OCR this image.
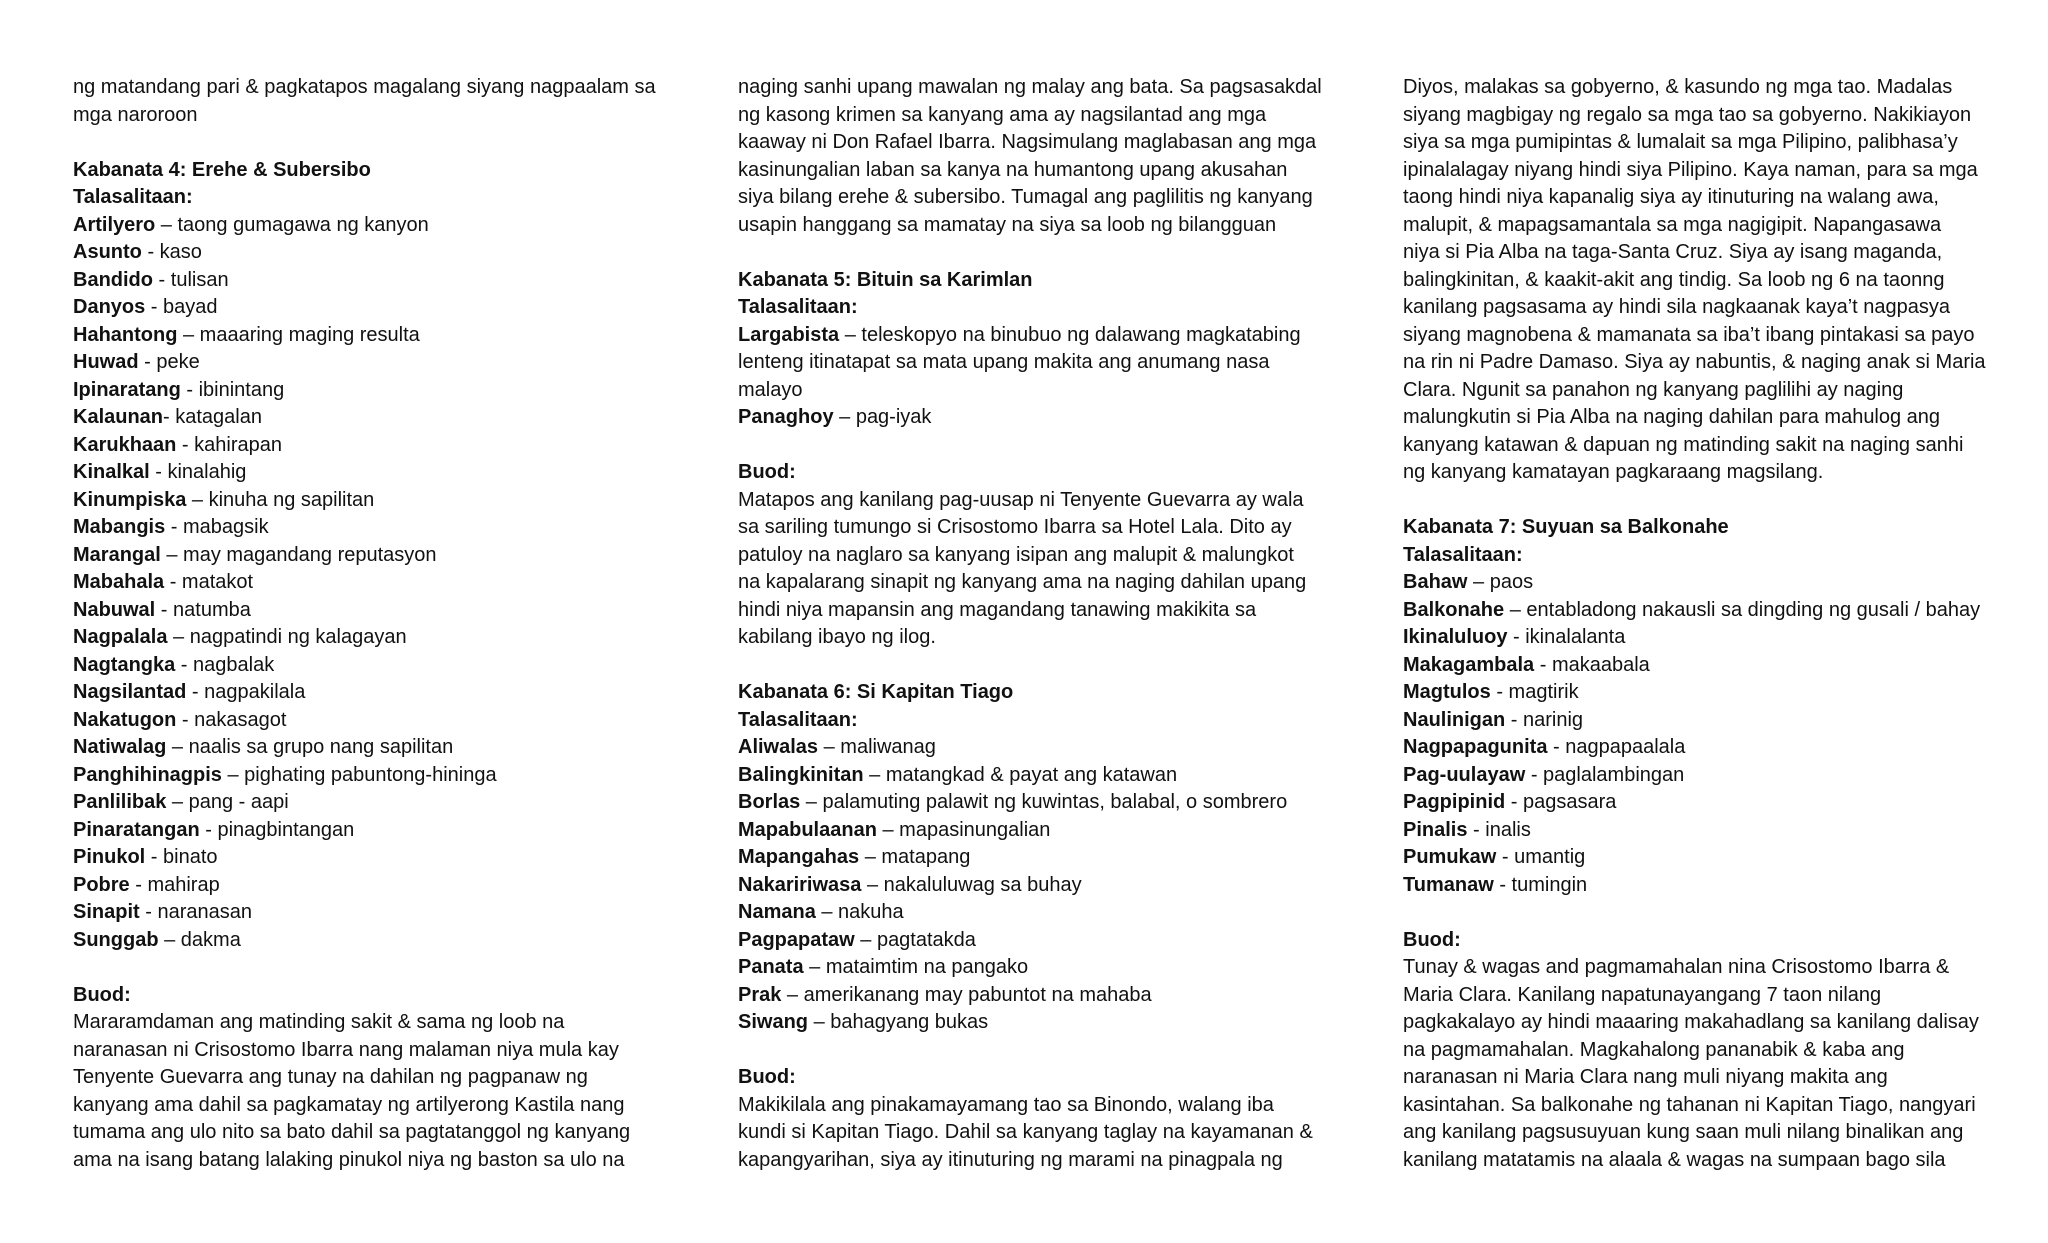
ng matandang pari & pagkatapos magalang siyang nagpaalam sa
mga naroroon
Kabanata 4: Erehe & Subersibo
Talasalitaan:
Artilyero – taong gumagawa ng kanyon
Asunto - kaso
Bandido - tulisan
Danyos - bayad
Hahantong – maaaring maging resulta
Huwad - peke
Ipinaratang - ibinintang
Kalaunan- katagalan
Karukhaan - kahirapan
Kinalkal - kinalahig
Kinumpiska – kinuha ng sapilitan
Mabangis - mabagsik
Marangal – may magandang reputasyon
Mabahala - matakot
Nabuwal - natumba
Nagpalala – nagpatindi ng kalagayan
Nagtangka - nagbalak
Nagsilantad - nagpakilala
Nakatugon - nakasagot
Natiwalag – naalis sa grupo nang sapilitan
Panghihinagpis – pighating pabuntong-hininga
Panlilibak – pang - aapi
Pinaratangan - pinagbintangan
Pinukol - binato
Pobre - mahirap
Sinapit - naranasan
Sunggab – dakma
Buod:
Mararamdaman ang matinding sakit & sama ng loob na
naranasan ni Crisostomo Ibarra nang malaman niya mula kay
Tenyente Guevarra ang tunay na dahilan ng pagpanaw ng
kanyang ama dahil sa pagkamatay ng artilyerong Kastila nang
tumama ang ulo nito sa bato dahil sa pagtatanggol ng kanyang
ama na isang batang lalaking pinukol niya ng baston sa ulo na
naging sanhi upang mawalan ng malay ang bata. Sa pagsasakdal
ng kasong krimen sa kanyang ama ay nagsilantad ang mga
kaaway ni Don Rafael Ibarra. Nagsimulang maglabasan ang mga
kasinungalian laban sa kanya na humantong upang akusahan
siya bilang erehe & subersibo. Tumagal ang paglilitis ng kanyang
usapin hanggang sa mamatay na siya sa loob ng bilangguan
Kabanata 5: Bituin sa Karimlan
Talasalitaan:
Largabista – teleskopyo na binubuo ng dalawang magkatabing
lenteng itinatapat sa mata upang makita ang anumang nasa
malayo
Panaghoy – pag-iyak
Buod:
Matapos ang kanilang pag-uusap ni Tenyente Guevarra ay wala
sa sariling tumungo si Crisostomo Ibarra sa Hotel Lala. Dito ay
patuloy na naglaro sa kanyang isipan ang malupit & malungkot
na kapalarang sinapit ng kanyang ama na naging dahilan upang
hindi niya mapansin ang magandang tanawing makikita sa
kabilang ibayo ng ilog.
Kabanata 6: Si Kapitan Tiago
Talasalitaan:
Aliwalas – maliwanag
Balingkinitan – matangkad & payat ang katawan
Borlas – palamuting palawit ng kuwintas, balabal, o sombrero
Mapabulaanan – mapasinungalian
Mapangahas – matapang
Nakaririwasa – nakaluluwag sa buhay
Namana – nakuha
Pagpapataw – pagtatakda
Panata – mataimtim na pangako
Prak – amerikanang may pabuntot na mahaba
Siwang – bahagyang bukas
Buod:
Makikilala ang pinakamayamang tao sa Binondo, walang iba
kundi si Kapitan Tiago. Dahil sa kanyang taglay na kayamanan &
kapangyarihan, siya ay itinuturing ng marami na pinagpala ng
Diyos, malakas sa gobyerno, & kasundo ng mga tao. Madalas
siyang magbigay ng regalo sa mga tao sa gobyerno. Nakikiayon
siya sa mga pumipintas & lumalait sa mga Pilipino, palibhasa’y
ipinalalagay niyang hindi siya Pilipino. Kaya naman, para sa mga
taong hindi niya kapanalig siya ay itinuturing na walang awa,
malupit, & mapagsamantala sa mga nagigipit. Napangasawa
niya si Pia Alba na taga-Santa Cruz. Siya ay isang maganda,
balingkinitan, & kaakit-akit ang tindig. Sa loob ng 6 na taonng
kanilang pagsasama ay hindi sila nagkaanak kaya’t nagpasya
siyang magnobena & mamanata sa iba’t ibang pintakasi sa payo
na rin ni Padre Damaso. Siya ay nabuntis, & naging anak si Maria
Clara. Ngunit sa panahon ng kanyang paglilihi ay naging
malungkutin si Pia Alba na naging dahilan para mahulog ang
kanyang katawan & dapuan ng matinding sakit na naging sanhi
ng kanyang kamatayan pagkaraang magsilang.
Kabanata 7: Suyuan sa Balkonahe
Talasalitaan:
Bahaw – paos
Balkonahe – entabladong nakausli sa dingding ng gusali / bahay
Ikinaluluoy - ikinalalanta
Makagambala - makaabala
Magtulos - magtirik
Naulinigan - narinig
Nagpapagunita - nagpapaalala
Pag-uulayaw - paglalambingan
Pagpipinid - pagsasara
Pinalis - inalis
Pumukaw - umantig
Tumanaw - tumingin
Buod:
Tunay & wagas and pagmamahalan nina Crisostomo Ibarra &
Maria Clara. Kanilang napatunayangang 7 taon nilang
pagkakalayo ay hindi maaaring makahadlang sa kanilang dalisay
na pagmamahalan. Magkahalong pananabik & kaba ang
naranasan ni Maria Clara nang muli niyang makita ang
kasintahan. Sa balkonahe ng tahanan ni Kapitan Tiago, nangyari
ang kanilang pagsusuyuan kung saan muli nilang binalikan ang
kanilang matatamis na alaala & wagas na sumpaan bago sila
